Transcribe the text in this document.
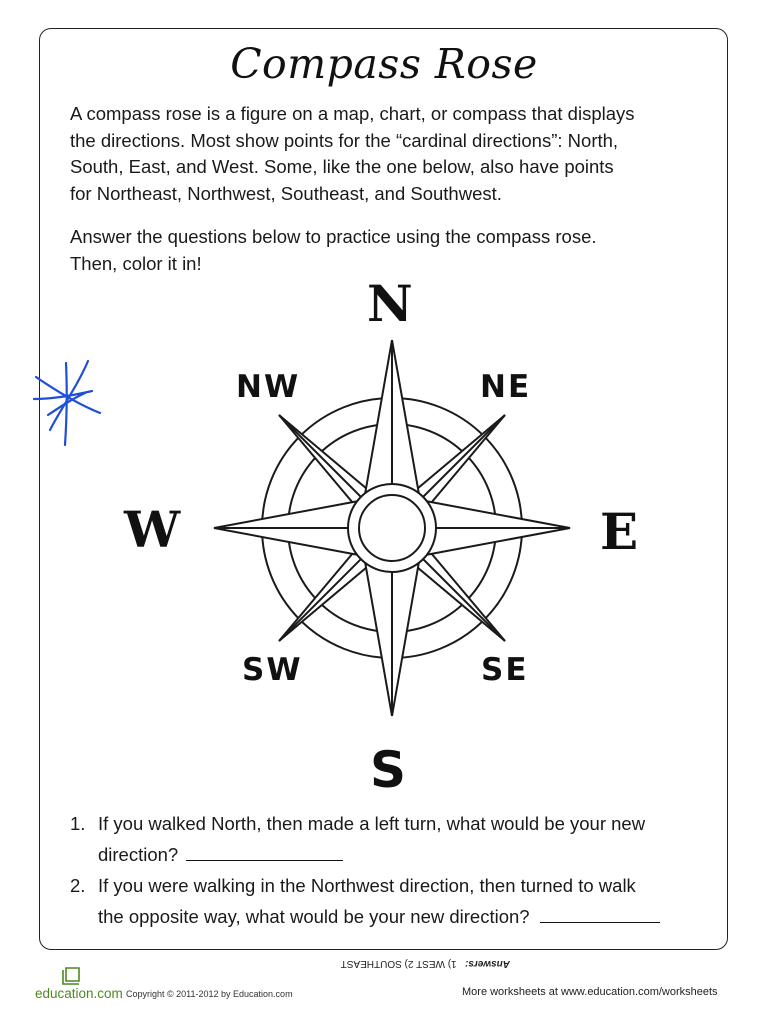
Compass Rose

A compass rose is a figure on a map, chart, or compass that displays
the directions. Most show points for the “cardinal directions”: North,
South, East, and West. Some, like the one below, also have points
for Northeast, Northwest, Southeast, and Southwest.

Answer the questions below to practice using the compass rose.
Then, color it in!

N
S
W	E
NW	NE
SW	SE
1. If you walked North, then made a left turn, what would be your new
direction?
2. If you were walking in the Northwest direction, then turned to walk
the opposite way, what would be your new direction?
Answers:   1) WEST 2) SOUTHEAST
education.com Copyright © 2011-2012 by Education.com	More worksheets at www.education.com/worksheets
